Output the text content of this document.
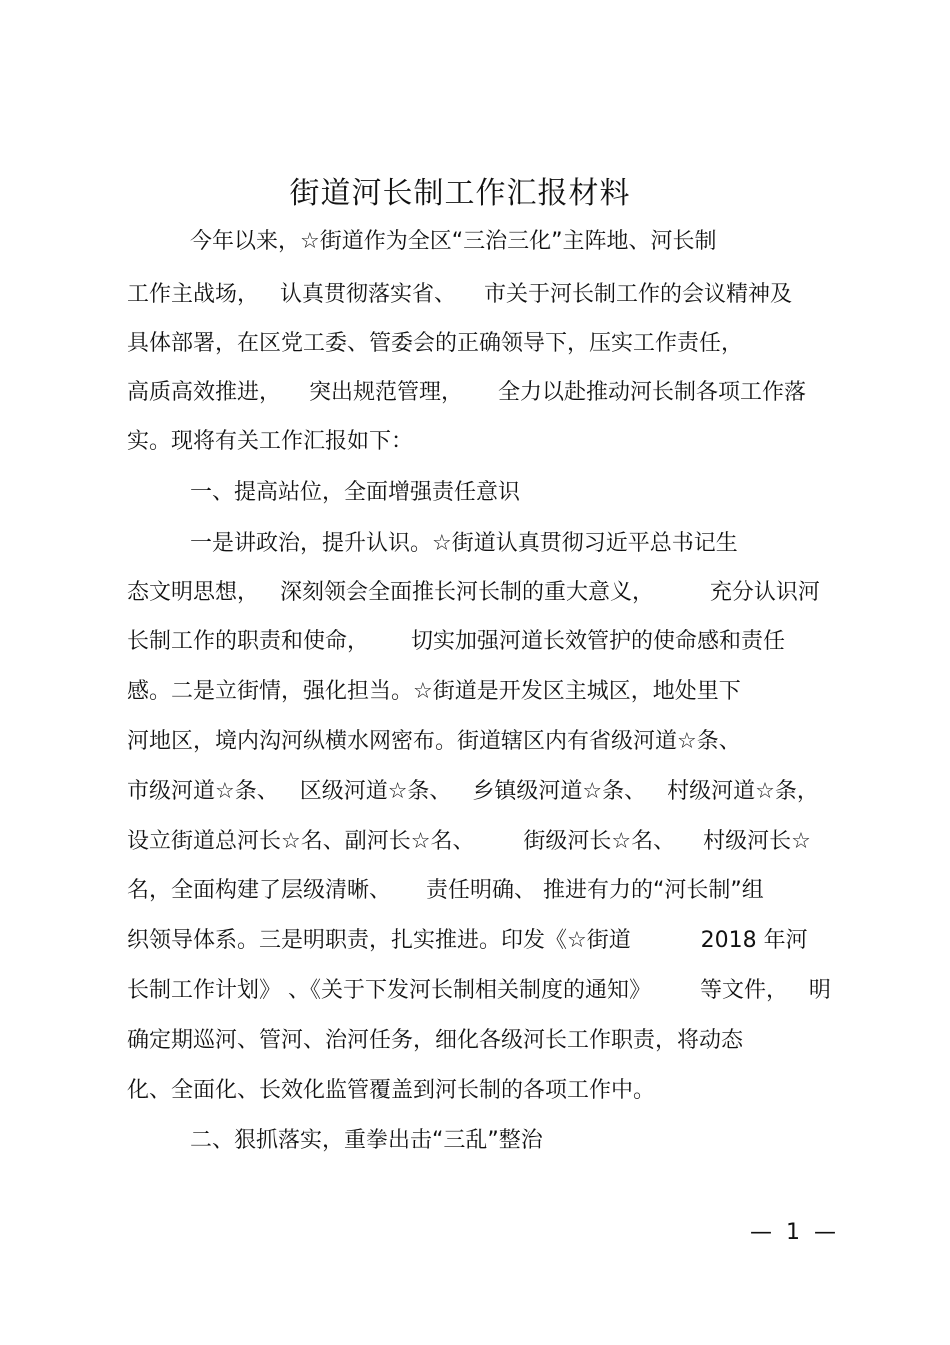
街道河长制工作汇报材料
今年以来，☆街道作为全区“三治三化”主阵地、河长制
工作主战场，   认真贯彻落实省、    市关于河长制工作的会议精神及
具体部署，在区党工委、管委会的正确领导下，压实工作责任，
高质高效推进，    突出规范管理，     全力以赴推动河长制各项工作落
实。现将有关工作汇报如下：
一、提高站位，全面增强责任意识
一是讲政治，提升认识。☆街道认真贯彻习近平总书记生
态文明思想，   深刻领会全面推长河长制的重大意义，        充分认识河
长制工作的职责和使命，      切实加强河道长效管护的使命感和责任
感。二是立街情，强化担当。☆街道是开发区主城区，地处里下
河地区，境内沟河纵横水网密布。街道辖区内有省级河道☆条、
市级河道☆条、   区级河道☆条、   乡镇级河道☆条、   村级河道☆条，
设立街道总河长☆名、副河长☆名、       街级河长☆名、    村级河长☆
名，全面构建了层级清晰、     责任明确、 推进有力的“河长制”组
织领导体系。三是明职责，扎实推进。印发《☆街道          2018 年河
长制工作计划》 、《关于下发河长制相关制度的通知》       等文件，   明
确定期巡河、管河、治河任务，细化各级河长工作职责，将动态
化、全面化、长效化监管覆盖到河长制的各项工作中。
二、狠抓落实，重拳出击“三乱”整治
—  1  —
